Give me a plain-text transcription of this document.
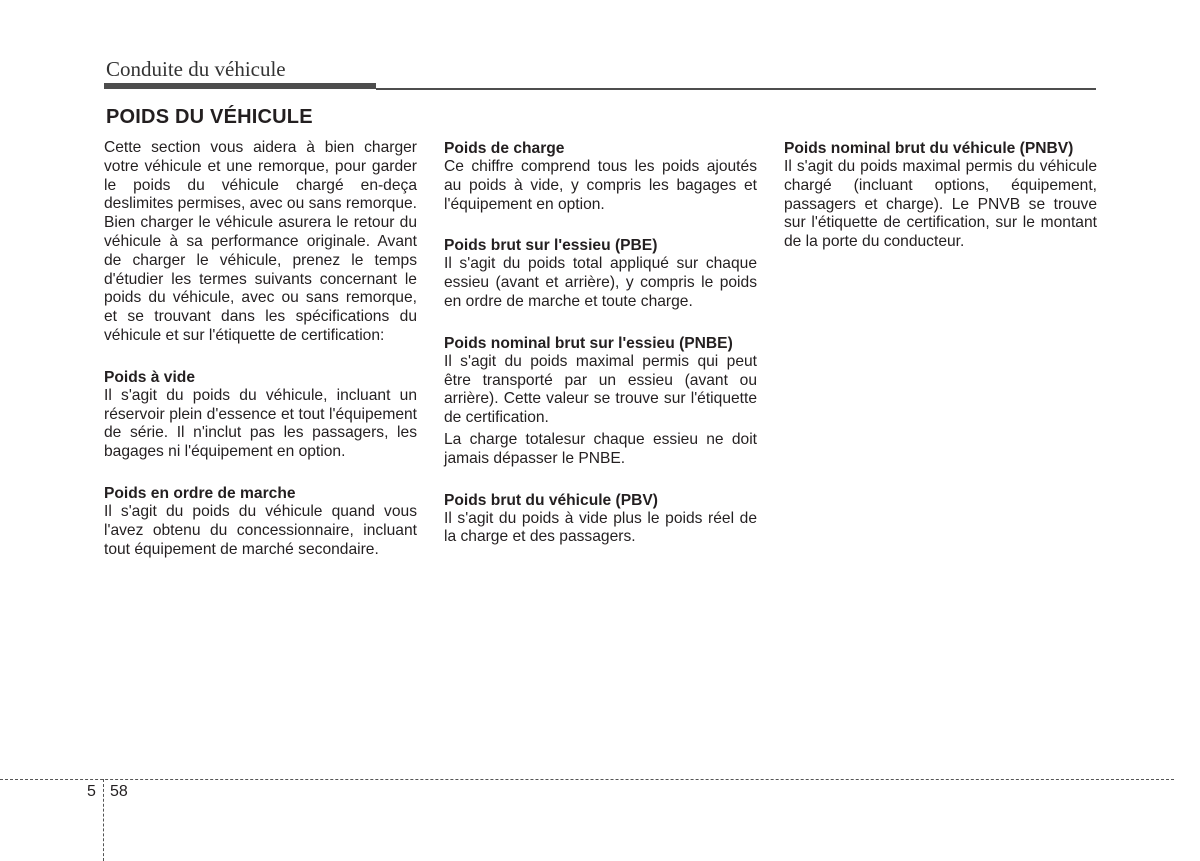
Conduite du véhicule
POIDS DU VÉHICULE

Cette section vous aidera à bien charger votre véhicule et une remorque, pour garder le poids du véhicule chargé en-deça deslimites permises, avec ou sans remorque. Bien charger le véhicule asurera le retour du véhicule à sa performance originale. Avant de charger le véhicule, prenez le temps d'étudier les termes suivants concernant le poids du véhicule, avec ou sans remorque, et se trouvant dans les spécifications du véhicule et sur l'étiquette de certification:

Poids à vide

Il s'agit du poids du véhicule, incluant un réservoir plein d'essence et tout l'équipement de série. Il n'inclut pas les passagers, les bagages ni l'équipement en option.

Poids en ordre de marche

Il s'agit du poids du véhicule quand vous l'avez obtenu du concessionnaire, incluant tout équipement de marché secondaire.

Poids de charge

Ce chiffre comprend tous les poids ajoutés au poids à vide, y compris les bagages et l'équipement en option.

Poids brut sur l'essieu (PBE)

Il s'agit du poids total appliqué sur chaque essieu (avant et arrière), y compris le poids en ordre de marche et toute charge.

Poids nominal brut sur l'essieu (PNBE)

Il s'agit du poids maximal permis qui peut être transporté par un essieu (avant ou arrière). Cette valeur se trouve sur l'étiquette de certification.

La charge totalesur chaque essieu ne doit jamais dépasser le PNBE.

Poids brut du véhicule (PBV)

Il s'agit du poids à vide plus le poids réel de la charge et des passagers.

Poids nominal brut du véhicule (PNBV)

Il s'agit du poids maximal permis du véhicule chargé (incluant options, équipement, passagers et charge). Le PNVB se trouve sur l'étiquette de certification, sur le montant de la porte du conducteur.

5 58
